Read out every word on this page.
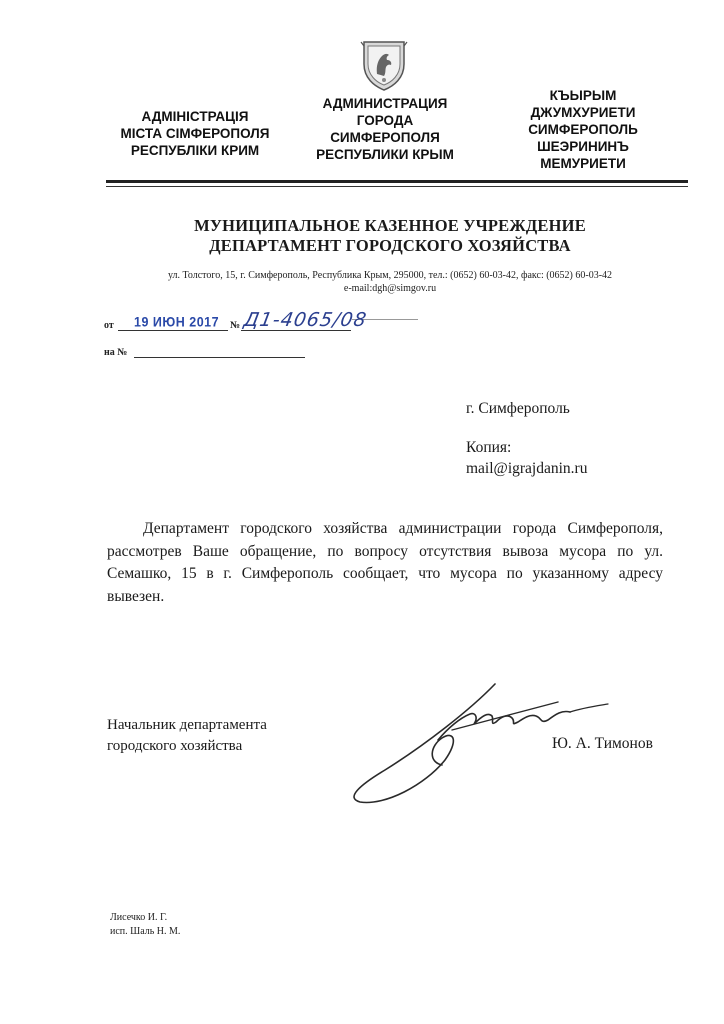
АДМІНІСТРАЦІЯ
МІСТА СІМФЕРОПОЛЯ
РЕСПУБЛІКИ КРИМ
АДМИНИСТРАЦИЯ
ГОРОДА
СИМФЕРОПОЛЯ
РЕСПУБЛИКИ КРЫМ
КЪЫРЫМ
ДЖУМХУРИЕТИ
СИМФЕРОПОЛЬ
ШЕЭРИНИНЪ
МЕМУРИЕТИ
МУНИЦИПАЛЬНОЕ КАЗЕННОЕ УЧРЕЖДЕНИЕ
ДЕПАРТАМЕНТ ГОРОДСКОГО ХОЗЯЙСТВА
ул. Толстого, 15, г. Симферополь, Республика Крым, 295000, тел.: (0652) 60-03-42, факс: (0652) 60-03-42
e-mail:dgh@simgov.ru
от 19 ИЮН 2017 № Д1-4065/08
на №
г. Симферополь
Копия:
mail@igrajdanin.ru
Департамент городского хозяйства администрации города Симферополя, рассмотрев Ваше обращение, по вопросу отсутствия вывоза мусора по ул. Семашко, 15 в г. Симферополь сообщает, что мусора по указанному адресу вывезен.
Начальник департамента
городского хозяйства	Ю. А. Тимонов
Лисечко И. Г.
исп. Шаль Н. М.
